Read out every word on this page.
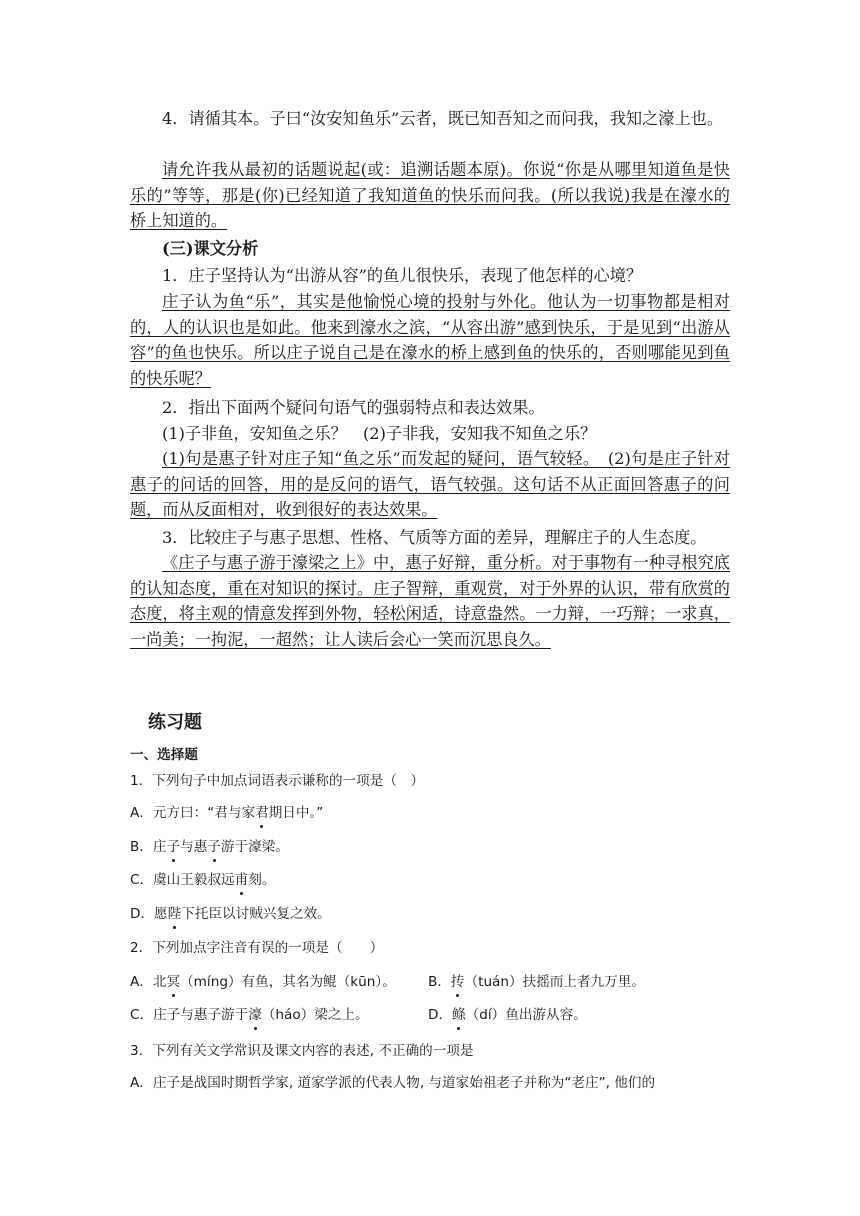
4．请循其本。子曰“汝安知鱼乐”云者，既已知吾知之而问我，我知之濠上也。

请允许我从最初的话题说起(或：追溯话题本原)。你说“你是从哪里知道鱼是快乐的”等等，那是(你)已经知道了我知道鱼的快乐而问我。(所以我说)我是在濠水的桥上知道的。

(三)课文分析

1．庄子坚持认为“出游从容”的鱼儿很快乐，表现了他怎样的心境？

庄子认为鱼“乐”，其实是他愉悦心境的投射与外化。他认为一切事物都是相对的，人的认识也是如此。他来到濠水之滨，“从容出游”感到快乐，于是见到“出游从容”的鱼也快乐。所以庄子说自己是在濠水的桥上感到鱼的快乐的，否则哪能见到鱼的快乐呢？

2．指出下面两个疑问句语气的强弱特点和表达效果。

(1)子非鱼，安知鱼之乐？　(2)子非我，安知我不知鱼之乐？

(1)句是惠子针对庄子知“鱼之乐”而发起的疑问，语气较轻。　(2)句是庄子针对惠子的问话的回答，用的是反问的语气，语气较强。这句话不从正面回答惠子的问题，而从反面相对，收到很好的表达效果。

3．比较庄子与惠子思想、性格、气质等方面的差异，理解庄子的人生态度。

《庄子与惠子游于濠梁之上》中，惠子好辩，重分析。对于事物有一种寻根究底的认知态度，重在对知识的探讨。庄子智辩，重观赏，对于外界的认识，带有欣赏的态度，将主观的情意发挥到外物，轻松闲适，诗意盎然。一力辩，一巧辩；一求真，一尚美；一拘泥，一超然；让人读后会心一笑而沉思良久。

练习题
一、选择题

1．下列句子中加点词语表示谦称的一项是（　）

A．元方曰：“君与家君期日中。”

B．庄子与惠子游于濠梁。

C．虞山王毅叔远甫刻。

D．愿陛下托臣以讨贼兴复之效。

2．下列加点字注音有误的一项是（　　）

A．北冥（míng）有鱼，其名为鲲（kūn）。 B．抟（tuán）扶摇而上者九万里。

C．庄子与惠子游于濠（háo）梁之上。	D．鲦（dí）鱼出游从容。

3．下列有关文学常识及课文内容的表述, 不正确的一项是

A．庄子是战国时期哲学家, 道家学派的代表人物, 与道家始祖老子并称为“老庄”, 他们的
